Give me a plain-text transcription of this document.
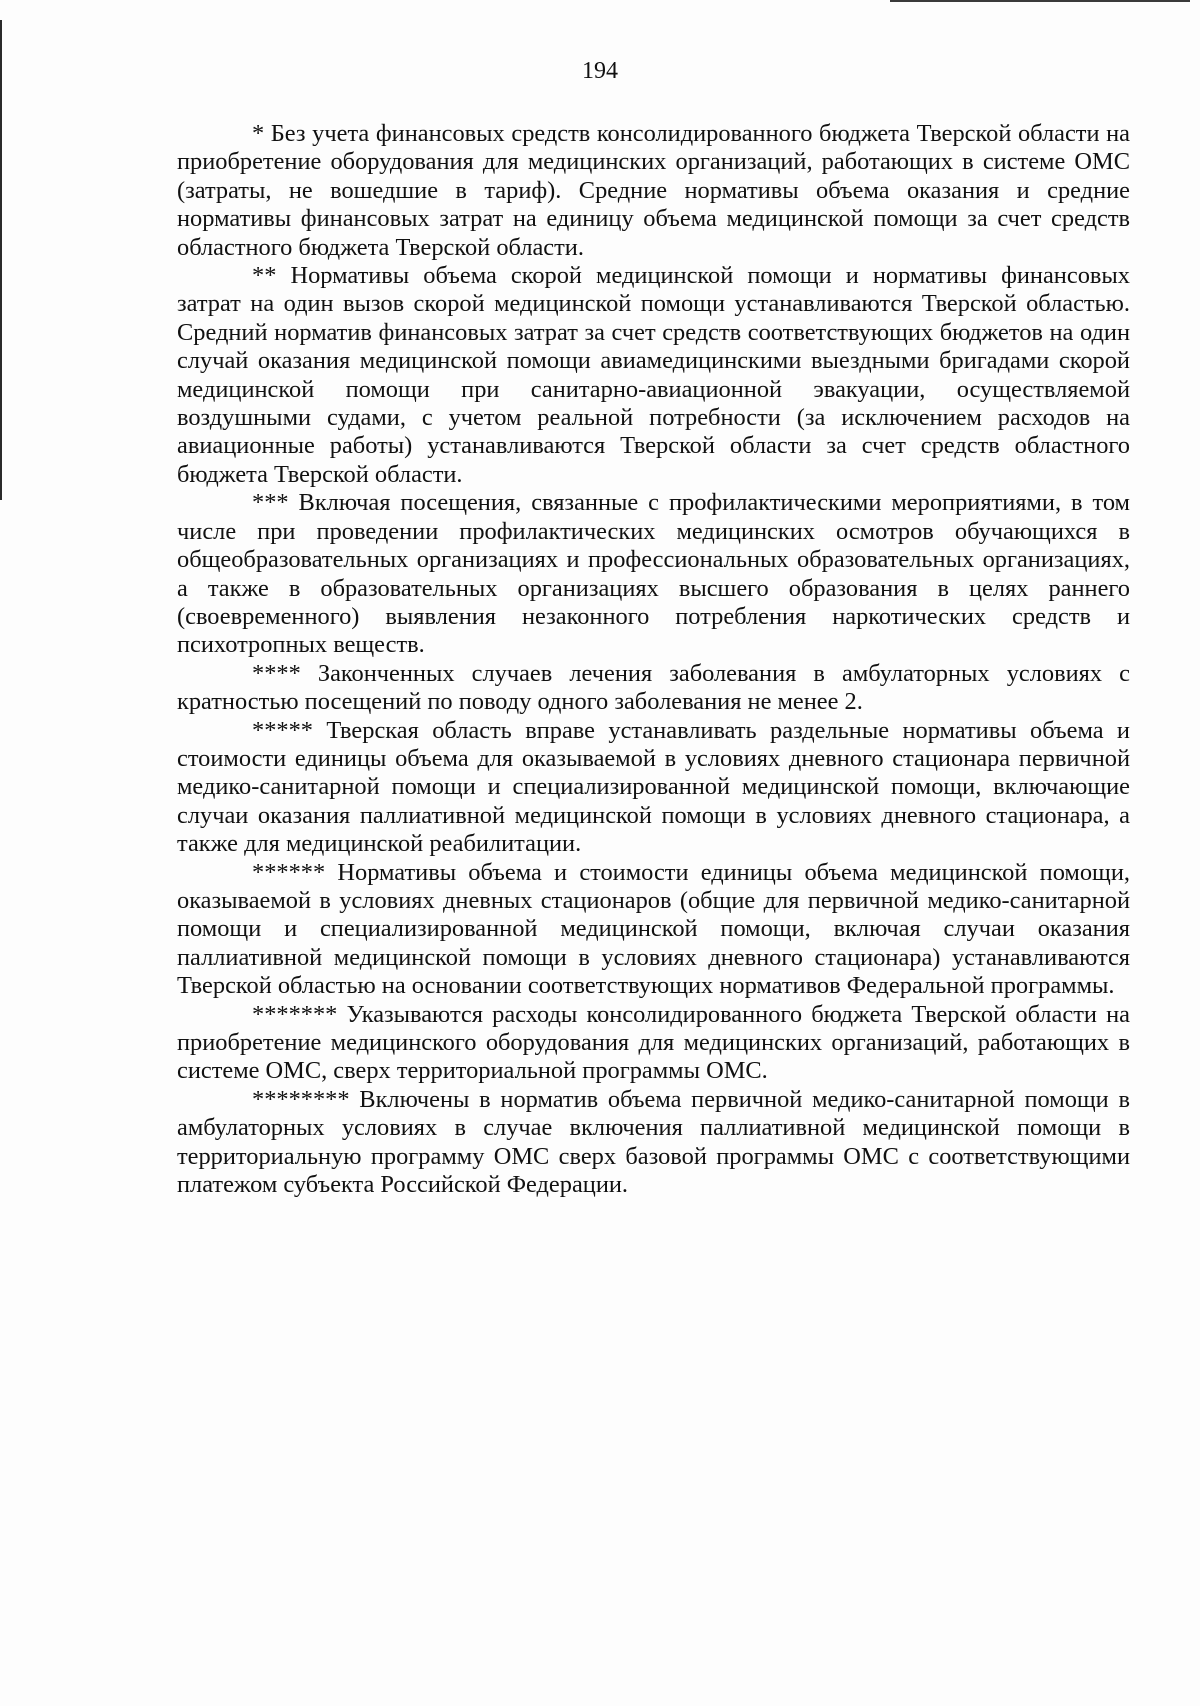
194

* Без учета финансовых средств консолидированного бюджета Тверской области на приобретение оборудования для медицинских организаций, работающих в системе ОМС (затраты, не вошедшие в тариф). Средние нормативы объема оказания и средние нормативы финансовых затрат на единицу объема медицинской помощи за счет средств областного бюджета Тверской области.

** Нормативы объема скорой медицинской помощи и нормативы финансовых затрат на один вызов скорой медицинской помощи устанавливаются Тверской областью. Средний норматив финансовых затрат за счет средств соответствующих бюджетов на один случай оказания медицинской помощи авиамедицинскими выездными бригадами скорой медицинской помощи при санитарно-авиационной эвакуации, осуществляемой воздушными судами, с учетом реальной потребности (за исключением расходов на авиационные работы) устанавливаются Тверской области за счет средств областного бюджета Тверской области.

*** Включая посещения, связанные с профилактическими мероприятиями, в том числе при проведении профилактических медицинских осмотров обучающихся в общеобразовательных организациях и профессиональных образовательных организациях, а также в образовательных организациях высшего образования в целях раннего (своевременного) выявления незаконного потребления наркотических средств и психотропных веществ.

**** Законченных случаев лечения заболевания в амбулаторных условиях с кратностью посещений по поводу одного заболевания не менее 2.

***** Тверская область вправе устанавливать раздельные нормативы объема и стоимости единицы объема для оказываемой в условиях дневного стационара первичной медико-санитарной помощи и специализированной медицинской помощи, включающие случаи оказания паллиативной медицинской помощи в условиях дневного стационара, а также для медицинской реабилитации.

****** Нормативы объема и стоимости единицы объема медицинской помощи, оказываемой в условиях дневных стационаров (общие для первичной медико-санитарной помощи и специализированной медицинской помощи, включая случаи оказания паллиативной медицинской помощи в условиях дневного стационара) устанавливаются Тверской областью на основании соответствующих нормативов Федеральной программы.

******* Указываются расходы консолидированного бюджета Тверской области на приобретение медицинского оборудования для медицинских организаций, работающих в системе ОМС, сверх территориальной программы ОМС.

******** Включены в норматив объема первичной медико-санитарной помощи в амбулаторных условиях в случае включения паллиативной медицинской помощи в территориальную программу ОМС сверх базовой программы ОМС с соответствующими платежом субъекта Российской Федерации.
